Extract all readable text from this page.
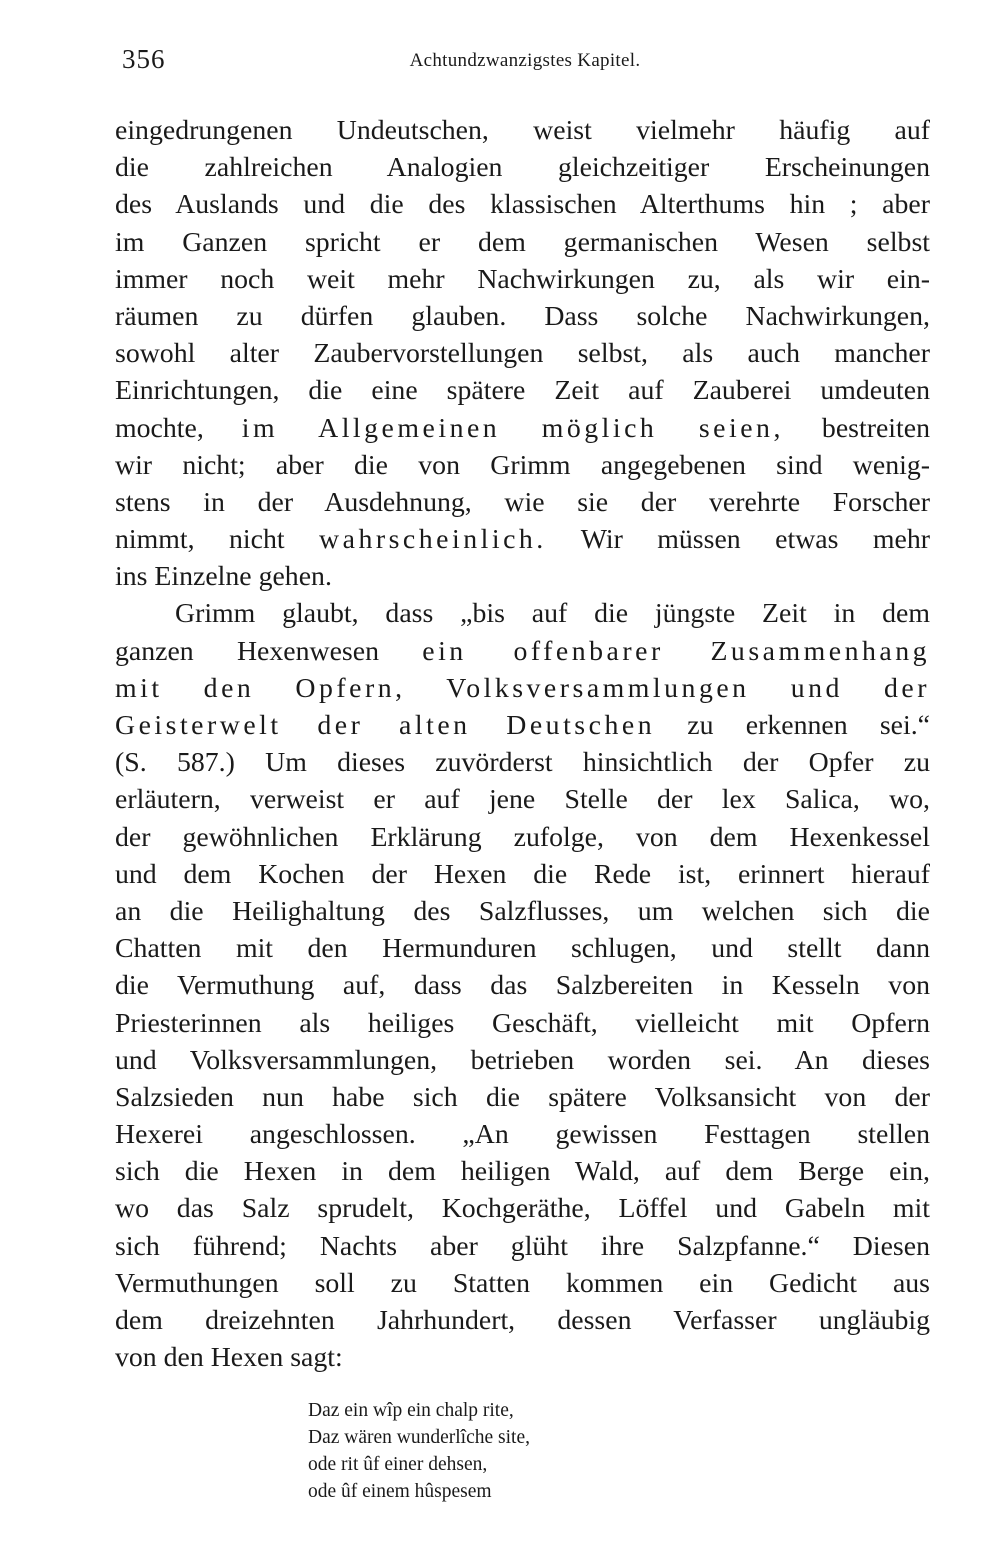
356	Achtundzwanzigstes Kapitel.
eingedrungenen Undeutschen, weist vielmehr häufig auf
die zahlreichen Analogien gleichzeitiger Erscheinungen
des Auslands und die des klassischen Alterthums hin ; aber
im Ganzen spricht er dem germanischen Wesen selbst
immer noch weit mehr Nachwirkungen zu, als wir ein-
räumen zu dürfen glauben. Dass solche Nachwirkungen,
sowohl alter Zaubervorstellungen selbst, als auch mancher
Einrichtungen, die eine spätere Zeit auf Zauberei umdeuten
mochte, im Allgemeinen möglich seien, bestreiten
wir nicht; aber die von Grimm angegebenen sind wenig-
stens in der Ausdehnung, wie sie der verehrte Forscher
nimmt, nicht wahrscheinlich. Wir müssen etwas mehr
ins Einzelne gehen.
Grimm glaubt, dass „bis auf die jüngste Zeit in dem
ganzen Hexenwesen ein offenbarer Zusammenhang
mit den Opfern, Volksversammlungen und der
Geisterwelt der alten Deutschen zu erkennen sei.“
(S. 587.) Um dieses zuvörderst hinsichtlich der Opfer zu
erläutern, verweist er auf jene Stelle der lex Salica, wo,
der gewöhnlichen Erklärung zufolge, von dem Hexenkessel
und dem Kochen der Hexen die Rede ist, erinnert hierauf
an die Heilighaltung des Salzflusses, um welchen sich die
Chatten mit den Hermunduren schlugen, und stellt dann
die Vermuthung auf, dass das Salzbereiten in Kesseln von
Priesterinnen als heiliges Geschäft, vielleicht mit Opfern
und Volksversammlungen, betrieben worden sei. An dieses
Salzsieden nun habe sich die spätere Volksansicht von der
Hexerei angeschlossen. „An gewissen Festtagen stellen
sich die Hexen in dem heiligen Wald, auf dem Berge ein,
wo das Salz sprudelt, Kochgeräthe, Löffel und Gabeln mit
sich führend; Nachts aber glüht ihre Salzpfanne.“ Diesen
Vermuthungen soll zu Statten kommen ein Gedicht aus
dem dreizehnten Jahrhundert, dessen Verfasser ungläubig
von den Hexen sagt:
Daz ein wîp ein chalp rite,
Daz wären wunderlîche site,
ode rit ûf einer dehsen,
ode ûf einem hûspesem
